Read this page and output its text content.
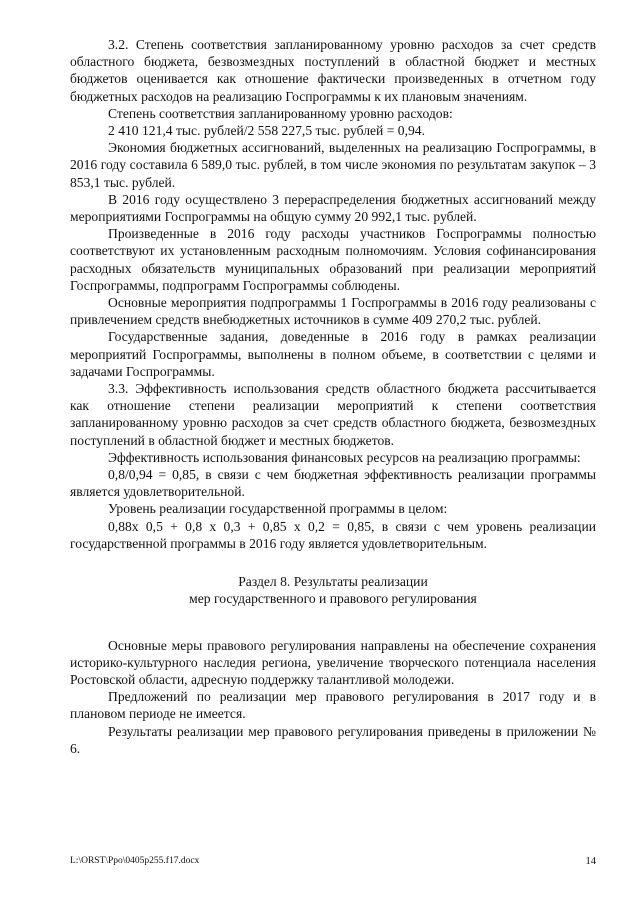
3.2. Степень соответствия запланированному уровню расходов за счет средств областного бюджета, безвозмездных поступлений в областной бюджет и местных бюджетов оценивается как отношение фактически произведенных в отчетном году бюджетных расходов на реализацию Госпрограммы к их плановым значениям.

Степень соответствия запланированному уровню расходов:

2 410 121,4 тыс. рублей/2 558 227,5 тыс. рублей = 0,94.

Экономия бюджетных ассигнований, выделенных на реализацию Госпрограммы, в 2016 году составила 6 589,0 тыс. рублей, в том числе экономия по результатам закупок – 3 853,1 тыс. рублей.

В 2016 году осуществлено 3 перераспределения бюджетных ассигнований между мероприятиями Госпрограммы на общую сумму 20 992,1 тыс. рублей.

Произведенные в 2016 году расходы участников Госпрограммы полностью соответствуют их установленным расходным полномочиям. Условия софинансирования расходных обязательств муниципальных образований при реализации мероприятий Госпрограммы, подпрограмм Госпрограммы соблюдены.

Основные мероприятия подпрограммы 1 Госпрограммы в 2016 году реализованы с привлечением средств внебюджетных источников в сумме 409 270,2 тыс. рублей.

Государственные задания, доведенные в 2016 году в рамках реализации мероприятий Госпрограммы, выполнены в полном объеме, в соответствии с целями и задачами Госпрограммы.

3.3. Эффективность использования средств областного бюджета рассчитывается как отношение степени реализации мероприятий к степени соответствия запланированному уровню расходов за счет средств областного бюджета, безвозмездных поступлений в областной бюджет и местных бюджетов.

Эффективность использования финансовых ресурсов на реализацию программы:

0,8/0,94 = 0,85, в связи с чем бюджетная эффективность реализации программы является удовлетворительной.

Уровень реализации государственной программы в целом:

0,88х 0,5 + 0,8 х 0,3 + 0,85 х 0,2 = 0,85, в связи с чем уровень реализации государственной программы в 2016 году является удовлетворительным.

Раздел 8. Результаты реализации
мер государственного и правового регулирования

Основные меры правового регулирования направлены на обеспечение сохранения историко-культурного наследия региона, увеличение творческого потенциала населения Ростовской области, адресную поддержку талантливой молодежи.

Предложений по реализации мер правового регулирования в 2017 году и в плановом периоде не имеется.

Результаты реализации мер правового регулирования приведены в приложении № 6.

L:\ORST\Ppo\0405p255.f17.docx	14
